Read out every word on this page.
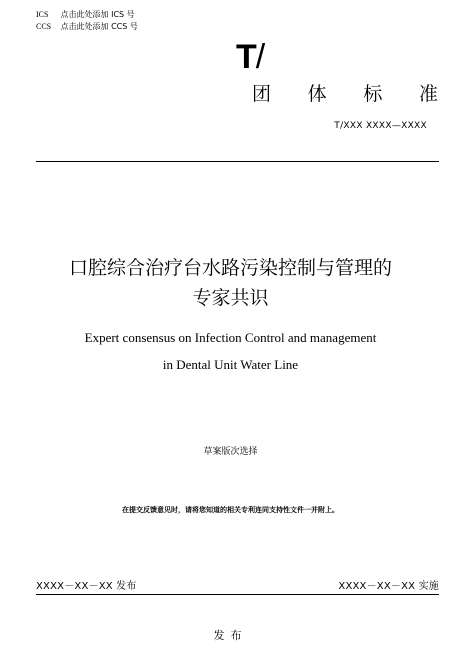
ICS 点击此处添加 ICS 号
CCS 点击此处添加 CCS 号
T/
团 体 标 准
T/XXX XXXX—XXXX
口腔综合治疗台水路污染控制与管理的
专家共识
Expert consensus on Infection Control and management
in Dental Unit Water Line
草案版次选择
在提交反馈意见时，请将您知道的相关专利连同支持性文件一并附上。
XXXX－XX－XX 发布	XXXX－XX－XX 实施
发布
